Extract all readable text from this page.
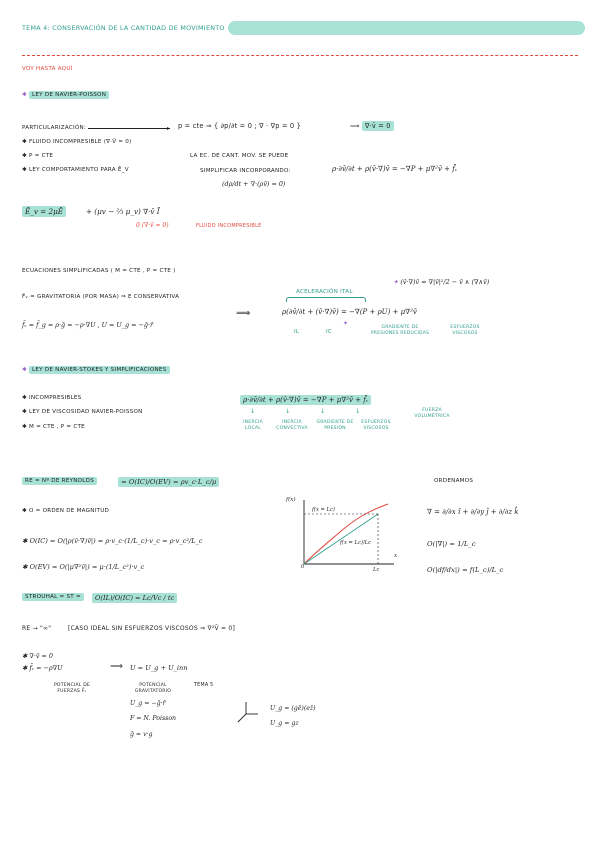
TEMA 4: CONSERVACIÓN DE LA CANTIDAD DE MOVIMIENTO
VOY HASTA AQUÍ
✱ LEY DE NAVIER-POISSON
PARTICULARIZACIÓN:	▸ p = cte ⇒ { ∂p/∂t = 0 ; ∇ · ∇p = 0 }	⟹ ∇·v̄ = 0
✱ FLUIDO INCOMPRESIBLE (∇·V̄ = 0)
✱ Ρ = CTE
✱ LEY COMPORTAMIENTO PARA Ē_V
LA EC. DE CANT. MOV. SE PUEDE
SIMPLIFICAR INCORPORANDO:	ρ·∂v̄/∂t + ρ(v̄·∇)v̄ = −∇P + μ∇²v̄ + f̄ᵥ
(dρ/dt + ∇·(ρv̄) = 0)
Ē_v = 2μĒ	+ (μv − ⅔ μ_v) ∇·v̄ Ī
0 (∇·v̄ = 0)	FLUIDO INCOMPRESIBLE
ECUACIONES SIMPLIFICADAS ( Μ = CTE , Ρ = CTE )
F̄ᵥ = GRAVITATORIA (POR MASA) ⇒ E CONSERVATIVA
f̄ᵥ = f̄_g = ρ·ḡ = −ρ·∇U , U = U_g = −ḡ·r̄
⟹
✦ (v̄·∇)v̄ = ∇|v̄|²/2 − v̄ ∧ (∇∧v̄)
ACELERACIÓN ITAL
ρ(∂v̄/∂t + (v̄·∇)v̄) = −∇(P + ρU) + μ∇²v̄
✦
IL	IC
GRADIENTE DE PRESIONES REDUCIDAS
ESFUERZOS VISCOSOS
✱ LEY DE NAVIER-STOKES Y SIMPLIFICACIONES
✱ INCOMPRESIBLES
✱ LEY DE VISCOSIDAD NAVIER-POISSON
✱ Μ = CTE , Ρ = CTE
ρ·∂v̄/∂t + ρ(v̄·∇)v̄ = −∇P + μ∇²v̄ + f̄ᵥ
↓↓↓↓
INERCIA LOCAL
INERCIA CONVECTIVA
GRADIENTE DE PRESIÓN
ESFUERZOS VISCOSOS
FUERZA VOLUMÉTRICA
RE = Nº DE REYNOLDS	= O(IC)/O(EV) = ρv_c·L_c/μ
✱ O = ORDEN DE MAGNITUD
✱ O(IC) = O(|ρ(v̄·∇)v̄|) = ρ·v_c·(1/L_c)·v_c = ρ·v_c²/L_c
✱ O(EV) = O(|μ∇²v̄|) = μ·(1/L_c²)·v_c
f(x)
f(x = Lc)
f(x = Lc)/Lc
0	Lc
x
ORDENAMOS
∇ = ∂/∂x î + ∂/∂y ĵ + ∂/∂z k̂
O(|∇|) = 1/L_c
O(|df/dx|) = f(L_c)/L_c
STROUHAL = ST =	O(IL)/O(IC) = Lc/Vc / tc
RE → "∞"	[CASO IDEAL SIN ESFUERZOS VISCOSOS ⇒ ∇²V̄ = 0]
✱ ∇·v̄ = 0
✱ f̄ᵥ = −ρ∇U
POTENCIAL DE FUERZAS F̄ᵥ
⟹ U = U_g + U_inn
POTENCIAL GRAVITATORIO
TEMA 5
U_g = −ḡ·r̄
F = N. Poisson
ḡ = v·g
U_g = (gē)(ez̄)
U_g = gz
